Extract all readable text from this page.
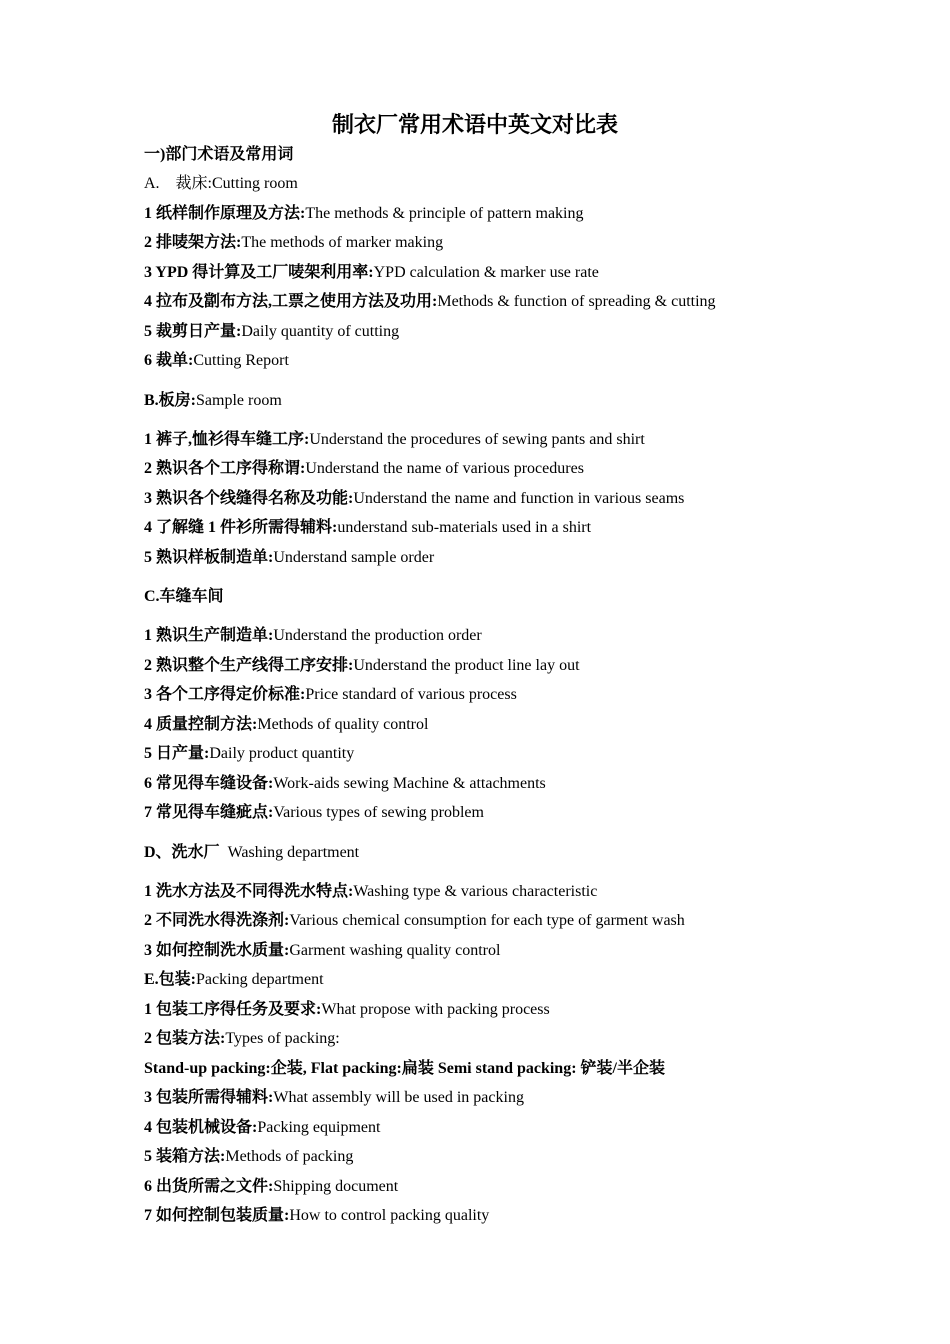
制衣厂常用术语中英文对比表
一)部门术语及常用词
A.    裁床:Cutting room
1 纸样制作原理及方法:The methods & principle of pattern making
2 排唛架方法:The methods of marker making
3 YPD 得计算及工厂唛架利用率:YPD calculation & marker use rate
4 拉布及劏布方法,工票之使用方法及功用:Methods & function of spreading & cutting
5 裁剪日产量:Daily quantity of cutting
6 裁单:Cutting Report
B.板房:Sample room
1 裤子,恤衫得车缝工序:Understand the procedures of sewing pants and shirt
2 熟识各个工序得称谓:Understand the name of various procedures
3 熟识各个线缝得名称及功能:Understand the name and function in various seams
4 了解缝 1 件衫所需得辅料:understand sub-materials used in a shirt
5 熟识样板制造单:Understand sample order
C.车缝车间
1 熟识生产制造单:Understand the production order
2 熟识整个生产线得工序安排:Understand the product line lay out
3 各个工序得定价标准:Price standard of various process
4 质量控制方法:Methods of quality control
5 日产量:Daily product quantity
6 常见得车缝设备:Work-aids sewing Machine & attachments
7 常见得车缝疵点:Various types of sewing problem
D、洗水厂  Washing department
1 洗水方法及不同得洗水特点:Washing type & various characteristic
2 不同洗水得洗涤剂:Various chemical consumption for each type of garment wash
3 如何控制洗水质量:Garment washing quality control
E.包装:Packing department
1 包装工序得任务及要求:What propose with packing process
2 包装方法:Types of packing:
Stand-up packing:企装, Flat packing:扁装 Semi stand packing: 铲装/半企装
3 包装所需得辅料:What assembly will be used in packing
4 包装机械设备:Packing equipment
5 装箱方法:Methods of packing
6 出货所需之文件:Shipping document
7 如何控制包装质量:How to control packing quality
